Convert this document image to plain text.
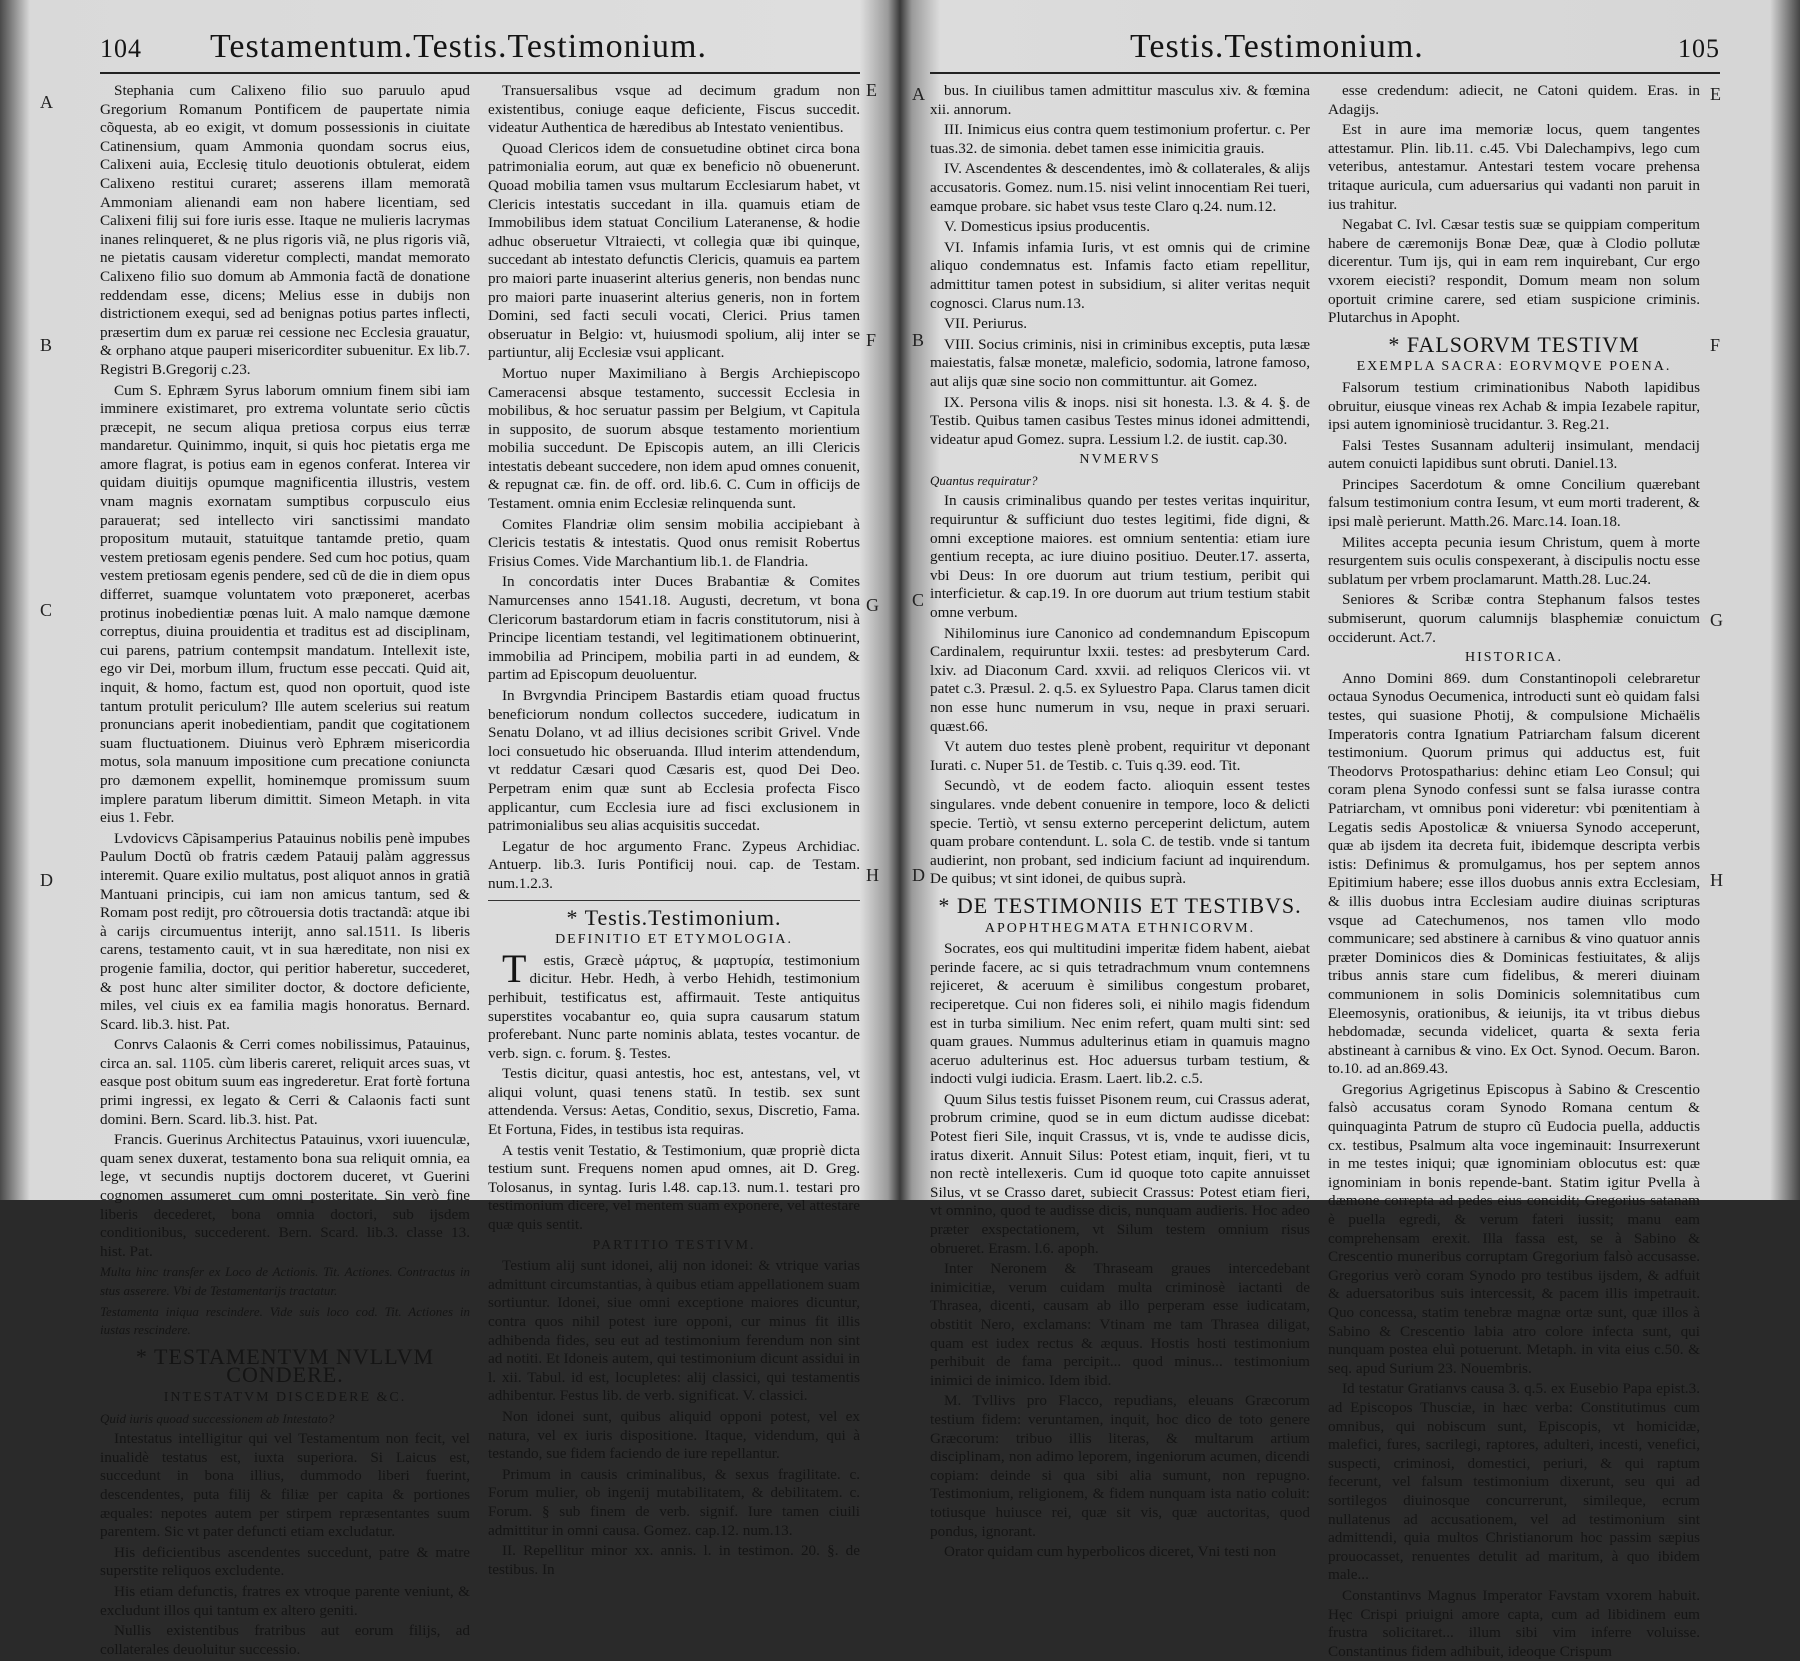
104 Testamentum.Testis.Testimonium.

Stephania cum Calixeno filio suo paruulo apud Gregorium Romanum Pontificem de paupertate nimia cõquesta, ab eo exigit, vt domum possessionis in ciuitate Catinensium, quam Ammonia quondam socrus eius, Calixeni auia, Ecclesię titulo deuotionis obtulerat, eidem Calixeno restitui curaret; asserens illam memoratã Ammoniam alienandi eam non habere licentiam, sed Calixeni filij sui fore iuris esse. Itaque ne mulieris lacrymas inanes relinqueret, & ne plus rigoris viã, ne plus rigoris viã, ne pietatis causam videretur complecti, mandat memorato Calixeno filio suo domum ab Ammonia factã de donatione reddendam esse, dicens; Melius esse in dubijs non districtionem exequi, sed ad benignas potius partes inflecti, præsertim dum ex paruæ rei cessione nec Ecclesia grauatur, & orphano atque pauperi misericorditer subuenitur. Ex lib.7. Registri B.Gregorij c.23.

Cum S. Ephræm Syrus laborum omnium finem sibi iam imminere existimaret, pro extrema voluntate serio cũctis præcepit, ne secum aliqua pretiosa corpus eius terræ mandaretur. Quinimmo, inquit, si quis hoc pietatis erga me amore flagrat, is potius eam in egenos conferat. Interea vir quidam diuitijs opumque magnificentia illustris, vestem vnam magnis exornatam sumptibus corpusculo eius parauerat; sed intellecto viri sanctissimi mandato propositum mutauit, statuitque tantamde pretio, quam vestem pretiosam egenis pendere. Sed cum hoc potius, quam vestem pretiosam egenis pendere, sed cũ de die in diem opus differret, suamque voluntatem voto præponeret, acerbas protinus inobedientiæ pœnas luit. A malo namque dæmone correptus, diuina prouidentia et traditus est ad disciplinam, cui parens, patrium contempsit mandatum. Intellexit iste, ego vir Dei, morbum illum, fructum esse peccati. Quid ait, inquit, & homo, factum est, quod non oportuit, quod iste tantum protulit periculum? Ille autem scelerius sui reatum pronuncians aperit inobedientiam, pandit que cogitationem suam fluctuationem. Diuinus verò Ephræm misericordia motus, sola manuum impositione cum precatione coniuncta pro dæmonem expellit, hominemque promissum suum implere paratum liberum dimittit. Simeon Metaph. in vita eius 1. Febr.

Lvdovicvs Cãpisamperius Patauinus nobilis penè impubes Paulum Doctũ ob fratris cædem Patauij palàm aggressus interemit. Quare exilio multatus, post aliquot annos in gratiã Mantuani principis, cui iam non amicus tantum, sed & Romam post redijt, pro cõtrouersia dotis tractandã: atque ibi à carijs circumuentus interijt, anno sal.1511. Is liberis carens, testamento cauit, vt in sua hæreditate, non nisi ex progenie familia, doctor, qui peritior haberetur, succederet, & post hunc alter similiter doctor, & doctore deficiente, miles, vel ciuis ex ea familia magis honoratus. Bernard. Scard. lib.3. hist. Pat.

Conrvs Calaonis & Cerri comes nobilissimus, Patauinus, circa an. sal. 1105. cùm liberis careret, reliquit arces suas, vt easque post obitum suum eas ingrederetur. Erat fortè fortuna primi ingressi, ex legato & Cerri & Calaonis facti sunt domini. Bern. Scard. lib.3. hist. Pat.

Francis. Guerinus Architectus Patauinus, vxori iuuenculæ, quam senex duxerat, testamento bona sua reliquit omnia, ea lege, vt secundis nuptijs doctorem duceret, vt Guerini cognomen assumeret cum omni posteritate. Sin verò fine liberis decederet, bona omnia doctori, sub ijsdem conditionibus, succederent. Bern. Scard. lib.3. classe 13. hist. Pat.

Multa hinc transfer ex Loco de Actionis. Tit. Actiones. Contractus in stus asserere. Vbi de Testamentarijs tractatur.

Testamenta iniqua rescindere. Vide suis loco cod. Tit. Actiones in iustas rescindere.

* TESTAMENTVM NVLLVM CONDERE.

INTESTATVM DISCEDERE &C.

Quid iuris quoad successionem ab Intestato?

Intestatus intelligitur qui vel Testamentum non fecit, vel inualidè testatus est, iuxta superiora. Si Laicus est, succedunt in bona illius, dummodo liberi fuerint, descendentes, puta filij & filiæ per capita & portiones æquales: nepotes autem per stirpem repræsentantes suum parentem. Sic vt pater defuncti etiam excludatur.

His deficientibus ascendentes succedunt, patre & matre superstite reliquos excludente.

His etiam defunctis, fratres ex vtroque parente veniunt, & excludunt illos qui tantum ex altero geniti.

Nullis existentibus fratribus aut eorum filijs, ad collaterales deuoluitur successio.

Transuersalibus vsque ad decimum gradum non existentibus, coniuge eaque deficiente, Fiscus succedit. videatur Authentica de hæredibus ab Intestato venientibus.

Quoad Clericos idem de consuetudine obtinet circa bona patrimonialia eorum, aut quæ ex beneficio nõ obuenerunt. Quoad mobilia tamen vsus multarum Ecclesiarum habet, vt Clericis intestatis succedant in illa. quamuis etiam de Immobilibus idem statuat Concilium Lateranense, & hodie adhuc obseruetur Vltraiecti, vt collegia quæ ibi quinque, succedant ab intestato defunctis Clericis, quamuis ea partem pro maiori parte inuaserint alterius generis, non bendas nunc pro maiori parte inuaserint alterius generis, non in fortem Domini, sed facti seculi vocati, Clerici. Prius tamen obseruatur in Belgio: vt, huiusmodi spolium, alij inter se partiuntur, alij Ecclesiæ vsui applicant.

Mortuo nuper Maximiliano à Bergis Archiepiscopo Cameracensi absque testamento, successit Ecclesia in mobilibus, & hoc seruatur passim per Belgium, vt Capitula in supposito, de suorum absque testamento morientium mobilia succedunt. De Episcopis autem, an illi Clericis intestatis debeant succedere, non idem apud omnes conuenit, & repugnat cæ. fin. de off. ord. lib.6. C. Cum in officijs de Testament. omnia enim Ecclesiæ relinquenda sunt.

Comites Flandriæ olim sensim mobilia accipiebant à Clericis testatis & intestatis. Quod onus remisit Robertus Frisius Comes. Vide Marchantium lib.1. de Flandria.

In concordatis inter Duces Brabantiæ & Comites Namurcenses anno 1541.18. Augusti, decretum, vt bona Clericorum bastardorum etiam in facris constitutorum, nisi à Principe licentiam testandi, vel legitimationem obtinuerint, immobilia ad Principem, mobilia parti in ad eundem, & partim ad Episcopum deuoluentur.

In Bvrgvndia Principem Bastardis etiam quoad fructus beneficiorum nondum collectos succedere, iudicatum in Senatu Dolano, vt ad illius decisiones scribit Grivel. Vnde loci consuetudo hic obseruanda. Illud interim attendendum, vt reddatur Cæsari quod Cæsaris est, quod Dei Deo. Perpetram enim quæ sunt ab Ecclesia profecta Fisco applicantur, cum Ecclesia iure ad fisci exclusionem in patrimonialibus seu alias acquisitis succedat.

Legatur de hoc argumento Franc. Zypeus Archidiac. Antuerp. lib.3. Iuris Pontificij noui. cap. de Testam. num.1.2.3.

* Testis.Testimonium.

DEFINITIO ET ETYMOLOGIA.

Testis, Græcè μάρτυς, & μαρτυρία, testimonium dicitur. Hebr. Hedh, à verbo Hehidh, testimonium perhibuit, testificatus est, affirmauit. Teste antiquitus superstites vocabantur eo, quia supra causarum statum proferebant. Nunc parte nominis ablata, testes vocantur. de verb. sign. c. forum. §. Testes.

Testis dicitur, quasi antestis, hoc est, antestans, vel, vt aliqui volunt, quasi tenens statũ. In testib. sex sunt attendenda. Versus: Aetas, Conditio, sexus, Discretio, Fama. Et Fortuna, Fides, in testibus ista requiras.

A testis venit Testatio, & Testimonium, quæ propriè dicta testium sunt. Frequens nomen apud omnes, ait D. Greg. Tolosanus, in syntag. Iuris l.48. cap.13. num.1. testari pro testimonium dicere, vel mentem suam exponere, vel attestare quæ quis sentit.

PARTITIO TESTIVM.

Testium alij sunt idonei, alij non idonei: & vtrique varias admittunt circumstantias, à quibus etiam appellationem suam sortiuntur. Idonei, siue omni exceptione maiores dicuntur, contra quos nihil potest iure opponi, cur minus fit illis adhibenda fides, seu eut ad testimonium ferendum non sint ad notiti. Et Idoneis autem, qui testimonium dicunt assidui in l. xii. Tabul. id est, locupletes: alij classici, qui testamentis adhibentur. Festus lib. de verb. significat. V. classici.

Non idonei sunt, quibus aliquid opponi potest, vel ex natura, vel ex iuris dispositione. Itaque, videndum, qui à testando, sue fidem faciendo de iure repellantur.

Primum in causis criminalibus, & sexus fragilitate. c. Forum mulier, ob ingenij mutabilitatem, & debilitatem. c. Forum. § sub finem de verb. signif. Iure tamen ciuili admittitur in omni causa. Gomez. cap.12. num.13.

II. Repellitur minor xx. annis. l. in testimon. 20. §. de testibus. In

A
B
C
D
E
F
G
H
Testis.Testimonium.	105

bus. In ciuilibus tamen admittitur masculus xiv. & fœmina xii. annorum.

III. Inimicus eius contra quem testimonium profertur. c. Per tuas.32. de simonia. debet tamen esse inimicitia grauis.

IV. Ascendentes & descendentes, imò & collaterales, & alijs accusatoris. Gomez. num.15. nisi velint innocentiam Rei tueri, eamque probare. sic habet vsus teste Claro q.24. num.12.

V. Domesticus ipsius producentis.

VI. Infamis infamia Iuris, vt est omnis qui de crimine aliquo condemnatus est. Infamis facto etiam repellitur, admittitur tamen potest in subsidium, si aliter veritas nequit cognosci. Clarus num.13.

VII. Periurus.

VIII. Socius criminis, nisi in criminibus exceptis, puta læsæ maiestatis, falsæ monetæ, maleficio, sodomia, latrone famoso, aut alijs quæ sine socio non committuntur. ait Gomez.

IX. Persona vilis & inops. nisi sit honesta. l.3. & 4. §. de Testib. Quibus tamen casibus Testes minus idonei admittendi, videatur apud Gomez. supra. Lessium l.2. de iustit. cap.30.

NVMERVS

Quantus requiratur?

In causis criminalibus quando per testes veritas inquiritur, requiruntur & sufficiunt duo testes legitimi, fide digni, & omni exceptione maiores. est omnium sententia: etiam iure gentium recepta, ac iure diuino positiuo. Deuter.17. asserta, vbi Deus: In ore duorum aut trium testium, peribit qui interficietur. & cap.19. In ore duorum aut trium testium stabit omne verbum.

Nihilominus iure Canonico ad condemnandum Episcopum Cardinalem, requiruntur lxxii. testes: ad presbyterum Card. lxiv. ad Diaconum Card. xxvii. ad reliquos Clericos vii. vt patet c.3. Præsul. 2. q.5. ex Syluestro Papa. Clarus tamen dicit non esse hunc numerum in vsu, neque in praxi seruari. quæst.66.

Vt autem duo testes plenè probent, requiritur vt deponant Iurati. c. Nuper 51. de Testib. c. Tuis q.39. eod. Tit.

Secundò, vt de eodem facto. alioquin essent testes singulares. vnde debent conuenire in tempore, loco & delicti specie. Tertiò, vt sensu externo perceperint delictum, autem quam probare contendunt. L. sola C. de testib. vnde si tantum audierint, non probant, sed indicium faciunt ad inquirendum. De quibus; vt sint idonei, de quibus suprà.

* DE TESTIMONIIS ET TESTIBVS.

APOPHTHEGMATA ETHNICORVM.

Socrates, eos qui multitudini imperitæ fidem habent, aiebat perinde facere, ac si quis tetradrachmum vnum contemnens rejiceret, & aceruum è similibus congestum probaret, reciperetque. Cui non fideres soli, ei nihilo magis fidendum est in turba similium. Nec enim refert, quam multi sint: sed quam graues. Nummus adulterinus etiam in quamuis magno aceruo adulterinus est. Hoc aduersus turbam testium, & indocti vulgi iudicia. Erasm. Laert. lib.2. c.5.

Quum Silus testis fuisset Pisonem reum, cui Crassus aderat, probrum crimine, quod se in eum dictum audisse dicebat: Potest fieri Sile, inquit Crassus, vt is, vnde te audisse dicis, iratus dixerit. Annuit Silus: Potest etiam, inquit, fieri, vt tu non rectè intellexeris. Cum id quoque toto capite annuisset Silus, vt se Crasso daret, subiecit Crassus: Potest etiam fieri, vt omnino, quod te audisse dicis, nunquam audieris. Hoc adeo præter exspectationem, vt Silum testem omnium risus obrueret. Erasm. l.6. apoph.

Inter Neronem & Thraseam graues intercedebant inimicitiæ, verum cuidam multa criminosè iactanti de Thrasea, dicenti, causam ab illo perperam esse iudicatam, obstitit Nero, exclamans: Vtinam me tam Thrasea diligat, quam est iudex rectus & æquus. Hostis hosti testimonium perhibuit de fama percipit... quod minus... testimonium inimici de inimico. Idem ibid.

M. Tvllivs pro Flacco, repudians, eleuans Græcorum testium fidem: veruntamen, inquit, hoc dico de toto genere Græcorum: tribuo illis literas, & multarum artium disciplinam, non adimo leporem, ingeniorum acumen, dicendi copiam: deinde si qua sibi alia sumunt, non repugno. Testimonium, religionem, & fidem nunquam ista natio coluit: totiusque huiusce rei, quæ sit vis, quæ auctoritas, quod pondus, ignorant.

Orator quidam cum hyperbolicos diceret, Vni testi non

esse credendum: adiecit, ne Catoni quidem. Eras. in Adagijs.

Est in aure ima memoriæ locus, quem tangentes attestamur. Plin. lib.11. c.45. Vbi Dalechampivs, lego cum veteribus, antestamur. Antestari testem vocare prehensa tritaque auricula, cum aduersarius qui vadanti non paruit in ius trahitur.

Negabat C. Ivl. Cæsar testis suæ se quippiam comperitum habere de cæremonijs Bonæ Deæ, quæ à Clodio pollutæ dicerentur. Tum ijs, qui in eam rem inquirebant, Cur ergo vxorem eiecisti? respondit, Domum meam non solum oportuit crimine carere, sed etiam suspicione criminis. Plutarchus in Apopht.

* FALSORVM TESTIVM

EXEMPLA SACRA: EORVMQVE POENA.

Falsorum testium criminationibus Naboth lapidibus obruitur, eiusque vineas rex Achab & impia Iezabele rapitur, ipsi autem ignominiosè trucidantur. 3. Reg.21.

Falsi Testes Susannam adulterij insimulant, mendacij autem conuicti lapidibus sunt obruti. Daniel.13.

Principes Sacerdotum & omne Concilium quærebant falsum testimonium contra Iesum, vt eum morti traderent, & ipsi malè perierunt. Matth.26. Marc.14. Ioan.18.

Milites accepta pecunia iesum Christum, quem à morte resurgentem suis oculis conspexerant, à discipulis noctu esse sublatum per vrbem proclamarunt. Matth.28. Luc.24.

Seniores & Scribæ contra Stephanum falsos testes submiserunt, quorum calumnijs blasphemiæ conuictum occiderunt. Act.7.

HISTORICA.

Anno Domini 869. dum Constantinopoli celebraretur octaua Synodus Oecumenica, introducti sunt eò quidam falsi testes, qui suasione Photij, & compulsione Michaëlis Imperatoris contra Ignatium Patriarcham falsum dicerent testimonium. Quorum primus qui adductus est, fuit Theodorvs Protospatharius: dehinc etiam Leo Consul; qui coram plena Synodo confessi sunt se falsa iurasse contra Patriarcham, vt omnibus poni videretur: vbi pœnitentiam à Legatis sedis Apostolicæ & vniuersa Synodo acceperunt, quæ ab ijsdem ita decreta fuit, ibidemque descripta verbis istis: Definimus & promulgamus, hos per septem annos Epitimium habere; esse illos duobus annis extra Ecclesiam, & illis duobus intra Ecclesiam audire diuinas scripturas vsque ad Catechumenos, nos tamen vllo modo communicare; sed abstinere à carnibus & vino quatuor annis præter Dominicos dies & Dominicas festiuitates, & alijs tribus annis stare cum fidelibus, & mereri diuinam communionem in solis Dominicis solemnitatibus cum Eleemosynis, orationibus, & ieiunijs, ita vt tribus diebus hebdomadæ, secunda videlicet, quarta & sexta feria abstineant à carnibus & vino. Ex Oct. Synod. Oecum. Baron. to.10. ad an.869.43.

Gregorius Agrigetinus Episcopus à Sabino & Crescentio falsò accusatus coram Synodo Romana centum & quinquaginta Patrum de stupro cũ Eudocia puella, adductis cx. testibus, Psalmum alta voce ingeminauit: Insurrexerunt in me testes iniqui; quæ ignominiam oblocutus est: quæ ignominiam in bonis repende-bant. Statim igitur Pvella à dæmone correpta ad pedes eius concidit; Gregorius satanam è puella egredi, & verum fateri iussit; manu eam comprehensam erexit. Illa fassa est, se à Sabino & Crescentio muneribus corruptam Gregorium falsò accusasse. Gregorius verò coram Synodo pro testibus ijsdem, & adfuit & aduersatoribus suis intercessit, & pacem illis impetrauit. Quo concessa, statim tenebræ magnæ ortæ sunt, quæ illos à Sabino & Crescentio labia atro colore infecta sunt, qui nunquam postea eluì potuerunt. Metaph. in vita eius c.50. & seq. apud Surium 23. Nouembris.

Id testatur Gratianvs causa 3. q.5. ex Eusebio Papa epist.3. ad Episcopos Thusciæ, in hæc verba: Constitutimus cum omnibus, qui nobiscum sunt, Episcopis, vt homicidæ, malefici, fures, sacrilegi, raptores, adulteri, incesti, venefici, suspecti, criminosi, domestici, periuri, & qui raptum fecerunt, vel falsum testimonium dixerunt, seu qui ad sortilegos diuinosque concurrerunt, simileque, ecrum nullatenus ad accusationem, vel ad testimonium sint admittendi, quia multos Christianorum hoc passim sæpius prouocasset, renuentes detulit ad maritum, à quo ibidem male...

Constantinvs Magnus Imperator Favstam vxorem habuit. Hęc Crispi priuigni amore capta, cum ad libidinem eum frustra solicitaret... illum sibi vim inferre voluisse. Constantinus fidem adhibuit, ideoque Crispum

A
B
C
D
E
F
G
H
